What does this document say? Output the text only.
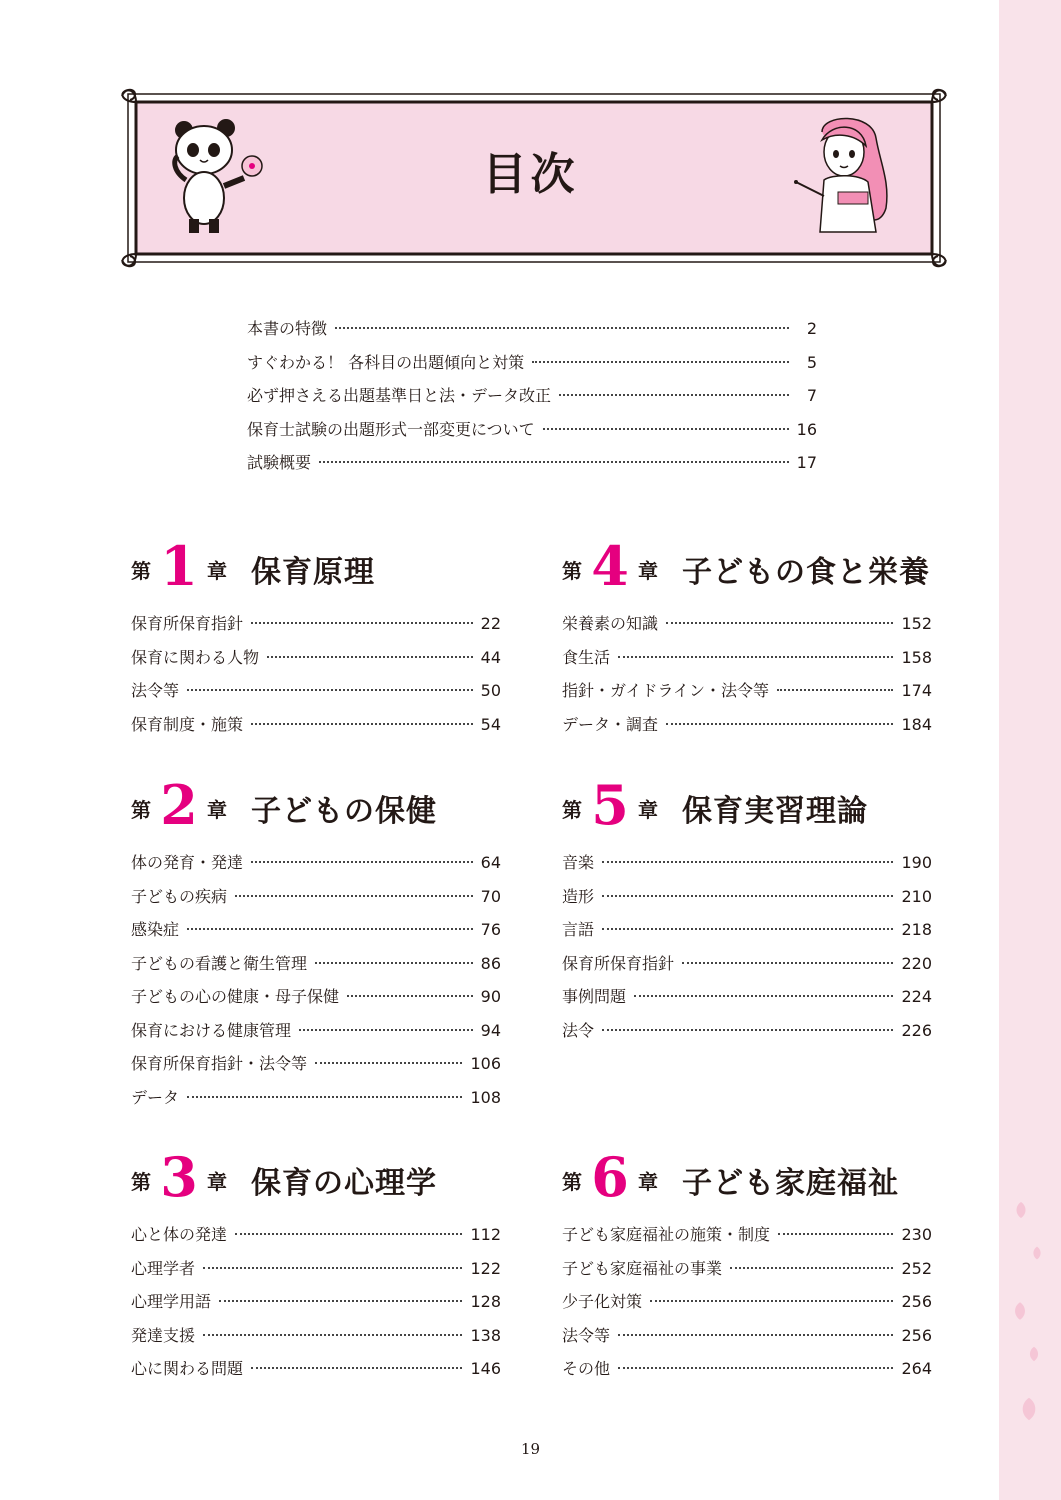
目次
本書の特徴	2
すぐわかる！ 各科目の出題傾向と対策	5
必ず押さえる出題基準日と法・データ改正	7
保育士試験の出題形式一部変更について	16
試験概要	17
第 1 章 保育原理
保育所保育指針	22
保育に関わる人物	44
法令等	50
保育制度・施策	54
第 2 章 子どもの保健
体の発育・発達	64
子どもの疾病	70
感染症	76
子どもの看護と衛生管理	86
子どもの心の健康・母子保健	90
保育における健康管理	94
保育所保育指針・法令等	106
データ	108
第 3 章 保育の心理学
心と体の発達	112
心理学者	122
心理学用語	128
発達支援	138
心に関わる問題	146
第 4 章 子どもの食と栄養
栄養素の知識	152
食生活	158
指針・ガイドライン・法令等	174
データ・調査	184
第 5 章 保育実習理論
音楽	190
造形	210
言語	218
保育所保育指針	220
事例問題	224
法令	226
第 6 章 子ども家庭福祉
子ども家庭福祉の施策・制度	230
子ども家庭福祉の事業	252
少子化対策	256
法令等	256
その他	264
19
